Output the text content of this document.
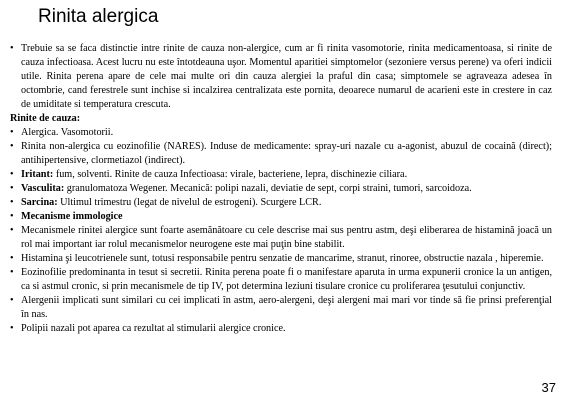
Rinita alergica
• Trebuie sa se faca distinctie intre rinite de cauza non-alergice, cum ar fi rinita vasomotorie, rinita medicamentoasa, si rinite de cauza infectioasa. Acest lucru nu este întotdeauna uşor. Momentul aparitiei simptomelor (sezoniere versus perene) va oferi indicii utile. Rinita perena apare de cele mai multe ori din cauza alergiei la praful din casa; simptomele se agraveaza adesea în octombrie, cand ferestrele sunt inchise si incalzirea centralizata este pornita, deoarece numarul de acarieni este in crestere in caz de umiditate si temperatura crescuta.
Rinite de cauza:
• Alergica. Vasomotorii.
• Rinita non-alergica cu eozinofilie (NARES). Induse de medicamente: spray-uri nazale cu a-agonist, abuzul de cocaină (direct); antihipertensive, clormetiazol (indirect).
• Iritant: fum, solventi. Rinite de cauza Infectioasa: virale, bacteriene, lepra, dischinezie ciliara.
• Vasculita: granulomatoza Wegener. Mecanică: polipi nazali, deviatie de sept, corpi straini, tumori, sarcoidoza.
• Sarcina: Ultimul trimestru (legat de nivelul de estrogeni). Scurgere LCR.
• Mecanisme immologice
• Mecanismele rinitei alergice sunt foarte asemănătoare cu cele descrise mai sus pentru astm, deşi eliberarea de histamină joacă un rol mai important iar rolul mecanismelor neurogene este mai puţin bine stabilit.
• Histamina şi leucotrienele sunt, totusi responsabile pentru senzatie de mancarime, stranut, rinoree, obstructie nazala , hiperemie.
• Eozinofilie predominanta in tesut si secretii. Rinita perena poate fi o manifestare aparuta in urma expunerii cronice la un antigen, ca si astmul cronic, si prin mecanismele de tip IV, pot determina leziuni tisulare cronice cu proliferarea ţesutului conjunctiv.
• Alergenii implicati sunt similari cu cei implicati în astm, aero-alergeni, deşi alergeni mai mari vor tinde să fie prinsi preferenţial în nas.
• Polipii nazali pot aparea ca rezultat al stimularii alergice cronice.
37
